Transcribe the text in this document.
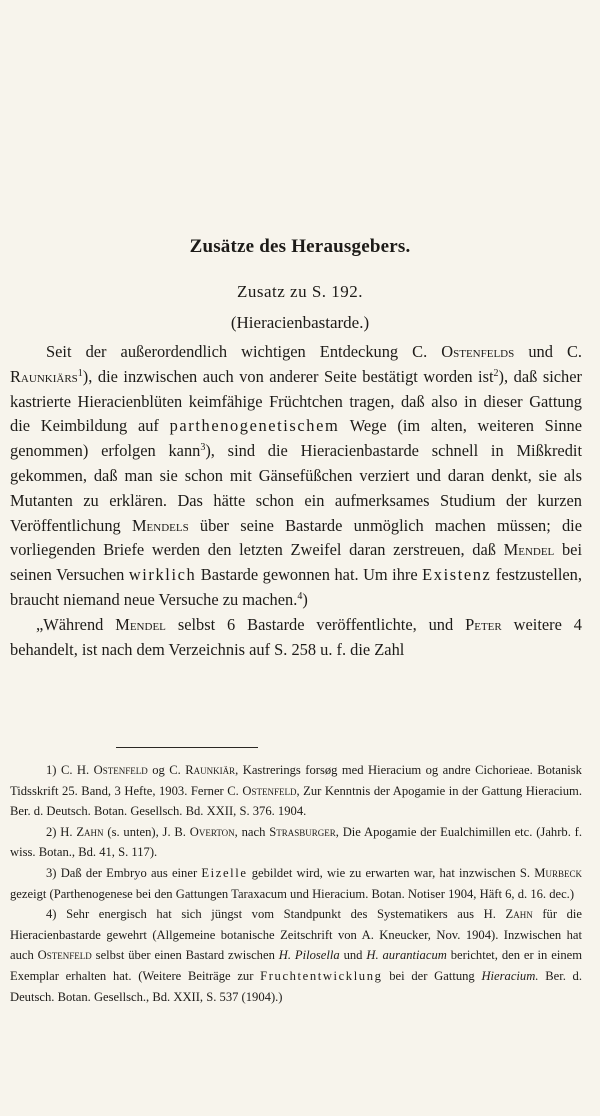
Zusätze des Herausgebers.
Zusatz zu S. 192.
(Hieracienbastarde.)

Seit der außerordendlich wichtigen Entdeckung C. Ostenfelds und C. Raunkiärs$^1$), die inzwischen auch von anderer Seite bestätigt worden ist$^2$), daß sicher kastrierte Hieracienblüten keimfähige Früchtchen tragen, daß also in dieser Gattung die Keimbildung auf parthenogenetischem Wege (im alten, weiteren Sinne genommen) erfolgen kann$^3$), sind die Hieracienbastarde schnell in Mißkredit gekommen, daß man sie schon mit Gänsefüßchen verziert und daran denkt, sie als Mutanten zu erklären. Das hätte schon ein aufmerksames Studium der kurzen Veröffentlichung Mendels über seine Bastarde unmöglich machen müssen; die vorliegenden Briefe werden den letzten Zweifel daran zerstreuen, daß Mendel bei seinen Versuchen wirklich Bastarde gewonnen hat. Um ihre Existenz festzustellen, braucht niemand neue Versuche zu machen.$^4$)

„Während Mendel selbst 6 Bastarde veröffentlichte, und Peter weitere 4 behandelt, ist nach dem Verzeichnis auf S. 258 u. f. die Zahl

1) C. H. Ostenfeld og C. Raunkiär, Kastrerings forsøg med Hieracium og andre Cichorieae. Botanisk Tidsskrift 25. Band, 3 Hefte, 1903. Ferner C. Ostenfeld, Zur Kenntnis der Apogamie in der Gattung Hieracium. Ber. d. Deutsch. Botan. Gesellsch. Bd. XXII, S. 376. 1904.

2) H. Zahn (s. unten), J. B. Overton, nach Strasburger, Die Apogamie der Eualchimillen etc. (Jahrb. f. wiss. Botan., Bd. 41, S. 117).

3) Daß der Embryo aus einer Eizelle gebildet wird, wie zu erwarten war, hat inzwischen S. Murbeck gezeigt (Parthenogenese bei den Gattungen Taraxacum und Hieracium. Botan. Notiser 1904, Häft 6, d. 16. dec.)

4) Sehr energisch hat sich jüngst vom Standpunkt des Systematikers aus H. Zahn für die Hieracienbastarde gewehrt (Allgemeine botanische Zeitschrift von A. Kneucker, Nov. 1904). Inzwischen hat auch Ostenfeld selbst über einen Bastard zwischen H. Pilosella und H. aurantiacum berichtet, den er in einem Exemplar erhalten hat. (Weitere Beiträge zur Fruchtentwicklung bei der Gattung Hieracium. Ber. d. Deutsch. Botan. Gesellsch., Bd. XXII, S. 537 (1904).)
